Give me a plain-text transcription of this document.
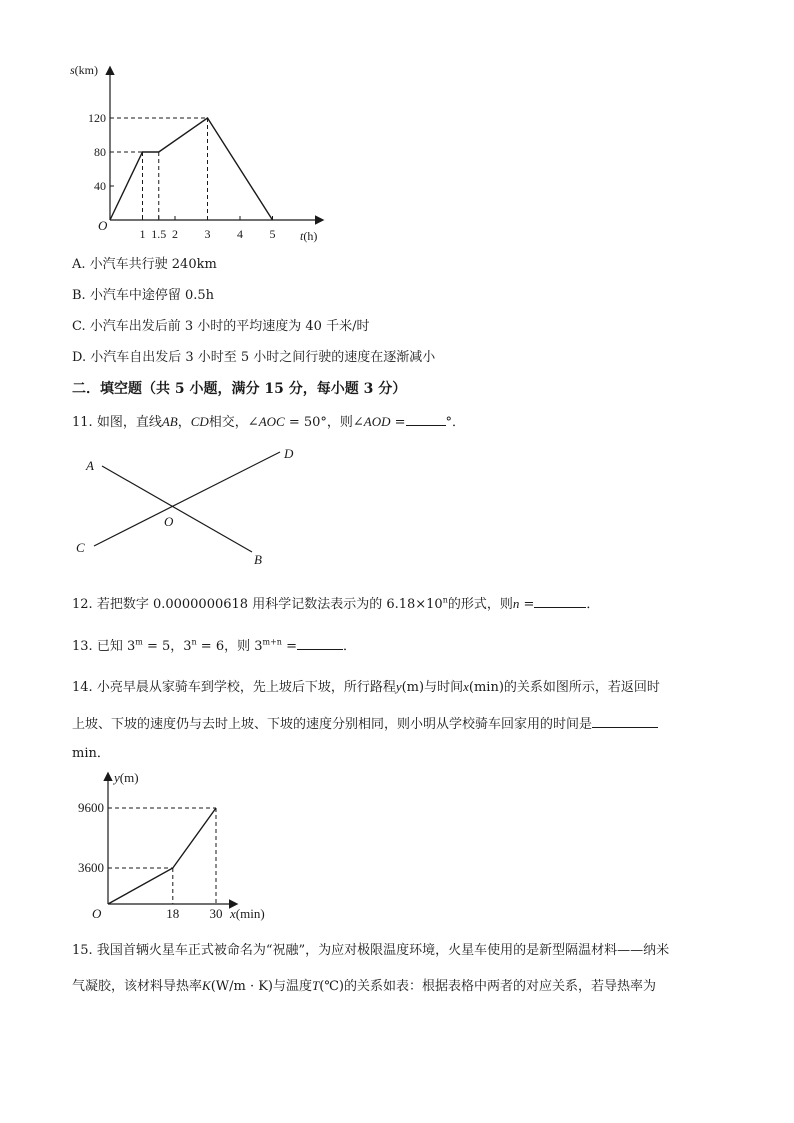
1 1.5 2 3 4 5
40
80
120
s(km)
t(h)
O
A. 小汽车共行驶 240km
B. 小汽车中途停留 0.5h
C. 小汽车出发后前 3 小时的平均速度为 40 千米/时
D. 小汽车自出发后 3 小时至 5 小时之间行驶的速度在逐渐减小
二．填空题（共 5 小题，满分 15 分，每小题 3 分）
11. 如图，直线AB，CD相交，∠AOC = 50°，则∠AOD =	°．
A
B
C
D
O
12. 若把数字 0.0000000618 用科学记数法表示为的 $6.18\times 10^n$的形式，则n =	．
13. 已知 $3^m = 5$，$3^n = 6$，则 $3^{m+n}$ =	．
14. 小亮早晨从家骑车到学校，先上坡后下坡，所行路程y(m)与时间x(min)的关系如图所示，若返回时
上坡、下坡的速度仍与去时上坡、下坡的速度分别相同，则小明从学校骑车回家用的时间是
min．
18 30
3600
9600
y(m)
x(min)
O
15. 我国首辆火星车正式被命名为“祝融”，为应对极限温度环境，火星车使用的是新型隔温材料——纳米
气凝胶，该材料导热率K(W/m · K)与温度T(℃)的关系如表：根据表格中两者的对应关系，若导热率为
